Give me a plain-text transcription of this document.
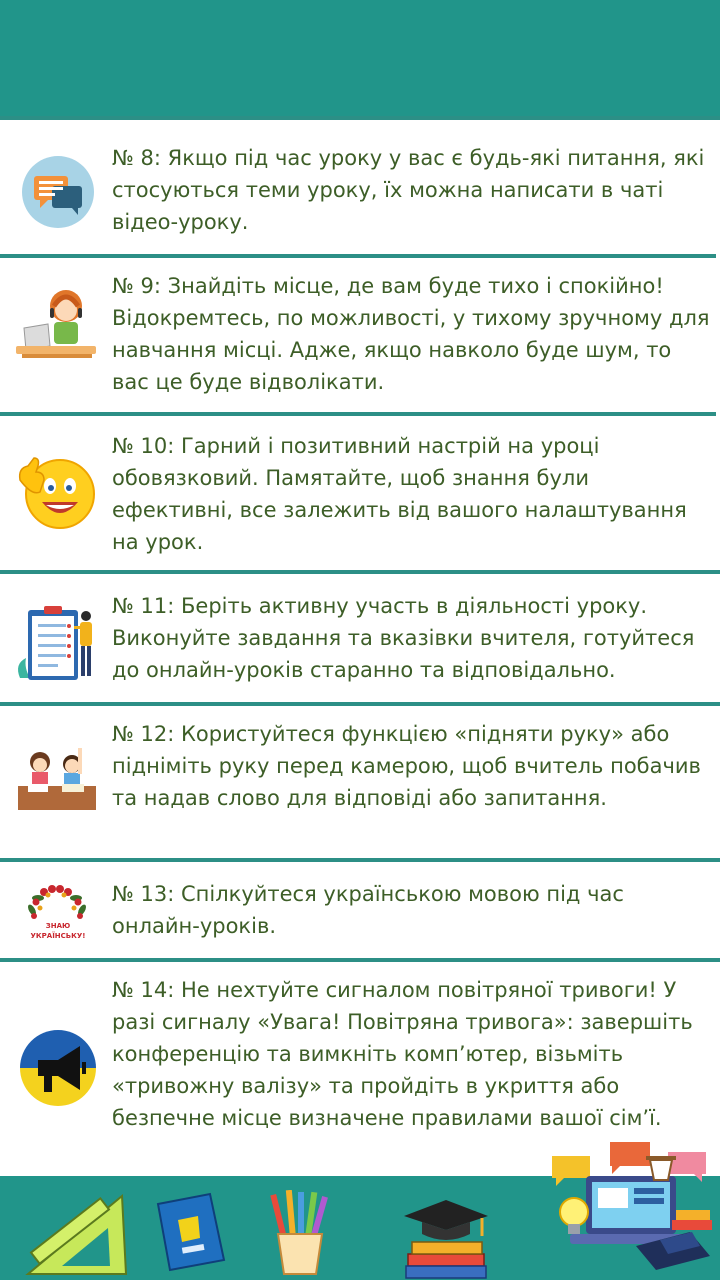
№ 8: Якщо під час уроку у вас є будь-які питання, які стосуються теми уроку, їх можна написати в чаті відео-уроку.
№ 9: Знайдіть місце, де вам буде тихо і спокійно! Відокремтесь, по можливості, у тихому зручному для навчання місці. Адже, якщо навколо буде шум, то вас це буде відволікати.
№ 10: Гарний і позитивний настрій на уроці обовязковий. Памятайте, щоб знання були ефективні, все залежить від вашого налаштування на урок.
№ 11: Беріть активну участь в діяльності уроку. Виконуйте завдання та вказівки вчителя, готуйтеся до онлайн-уроків старанно та відповідально.
№ 12: Користуйтеся функцією «підняти руку» або підніміть руку перед камерою, щоб вчитель побачив та надав слово для відповіді або запитання.
ЗНАЮ
УКРАЇНСЬКУ!
№ 13: Спілкуйтеся українською мовою під час онлайн-уроків.
№ 14: Не нехтуйте сигналом повітряної тривоги! У разі сигналу «Увага! Повітряна тривога»: завершіть конференцію та вимкніть комп’ютер, візьміть «тривожну валізу» та пройдіть в укриття або безпечне місце визначене правилами вашої сім’ї.
